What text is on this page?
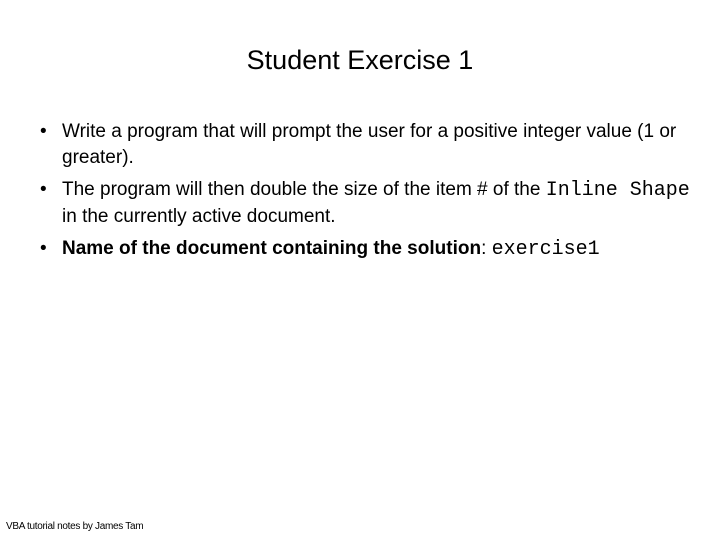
Student Exercise 1
• Write a program that will prompt the user for a positive integer value (1 or greater).
• The program will then double the size of the item # of the Inline Shape in the currently active document.
• Name of the document containing the solution: exercise1
VBA tutorial notes by James Tam
